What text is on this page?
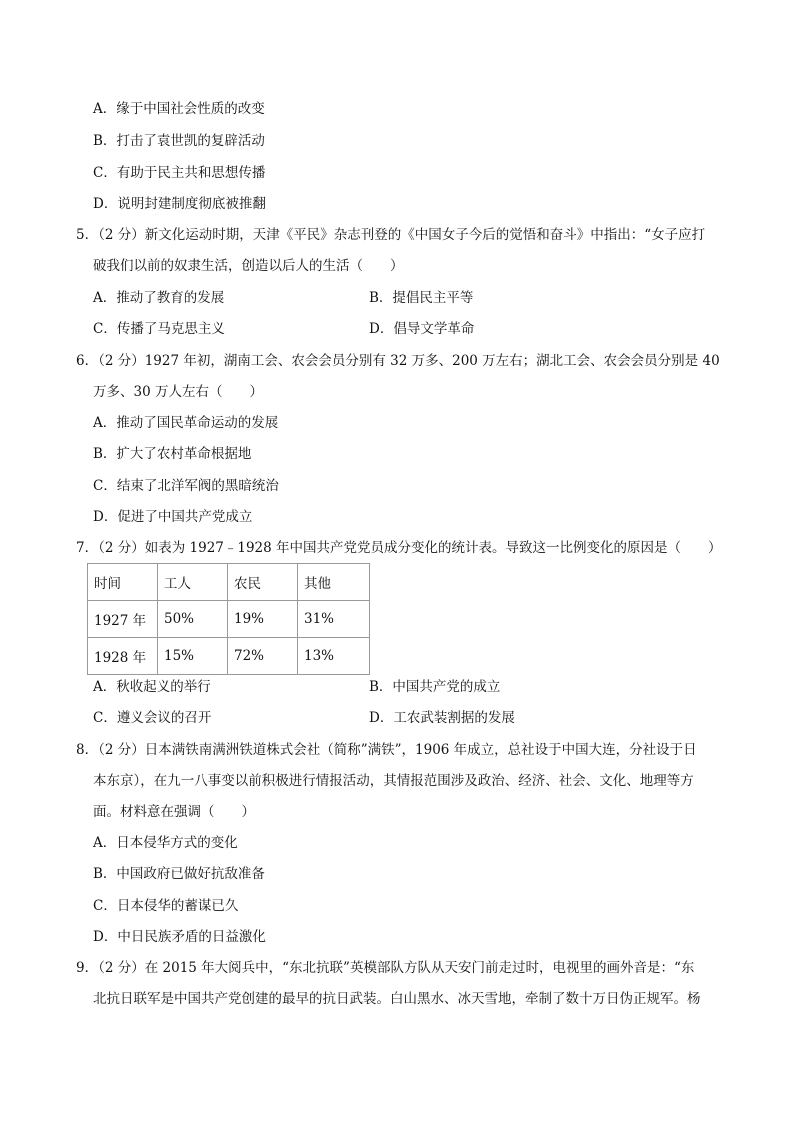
A．缘于中国社会性质的改变
B．打击了袁世凯的复辟活动
C．有助于民主共和思想传播
D．说明封建制度彻底被推翻
5．（2 分）新文化运动时期，天津《平民》杂志刊登的《中国女子今后的觉悟和奋斗》中指出：“女子应打
破我们以前的奴隶生活，创造以后人的生活（　　）
A．推动了教育的发展	B．提倡民主平等
C．传播了马克思主义	D．倡导文学革命
6．（2 分）1927 年初，湖南工会、农会会员分别有 32 万多、200 万左右；湖北工会、农会会员分别是 40
万多、30 万人左右（　　）
A．推动了国民革命运动的发展
B．扩大了农村革命根据地
C．结束了北洋军阀的黑暗统治
D．促进了中国共产党成立
7．（2 分）如表为 1927﹣1928 年中国共产党党员成分变化的统计表。导致这一比例变化的原因是（　　）
时间	工人	农民	其他
1927 年	50%	19%	31%
1928 年	15%	72%	13%
A．秋收起义的举行	B．中国共产党的成立
C．遵义会议的召开	D．工农武装割据的发展
8．（2 分）日本满铁南满洲铁道株式会社（简称”满铁”，1906 年成立，总社设于中国大连，分社设于日
本东京），在九一八事变以前积极进行情报活动，其情报范围涉及政治、经济、社会、文化、地理等方
面。材料意在强调（　　）
A．日本侵华方式的变化
B．中国政府已做好抗敌准备
C．日本侵华的蓄谋已久
D．中日民族矛盾的日益激化
9．（2 分）在 2015 年大阅兵中，“东北抗联”英模部队方队从天安门前走过时，电视里的画外音是：“东
北抗日联军是中国共产党创建的最早的抗日武装。白山黑水、冰天雪地，牵制了数十万日伪正规军。杨
